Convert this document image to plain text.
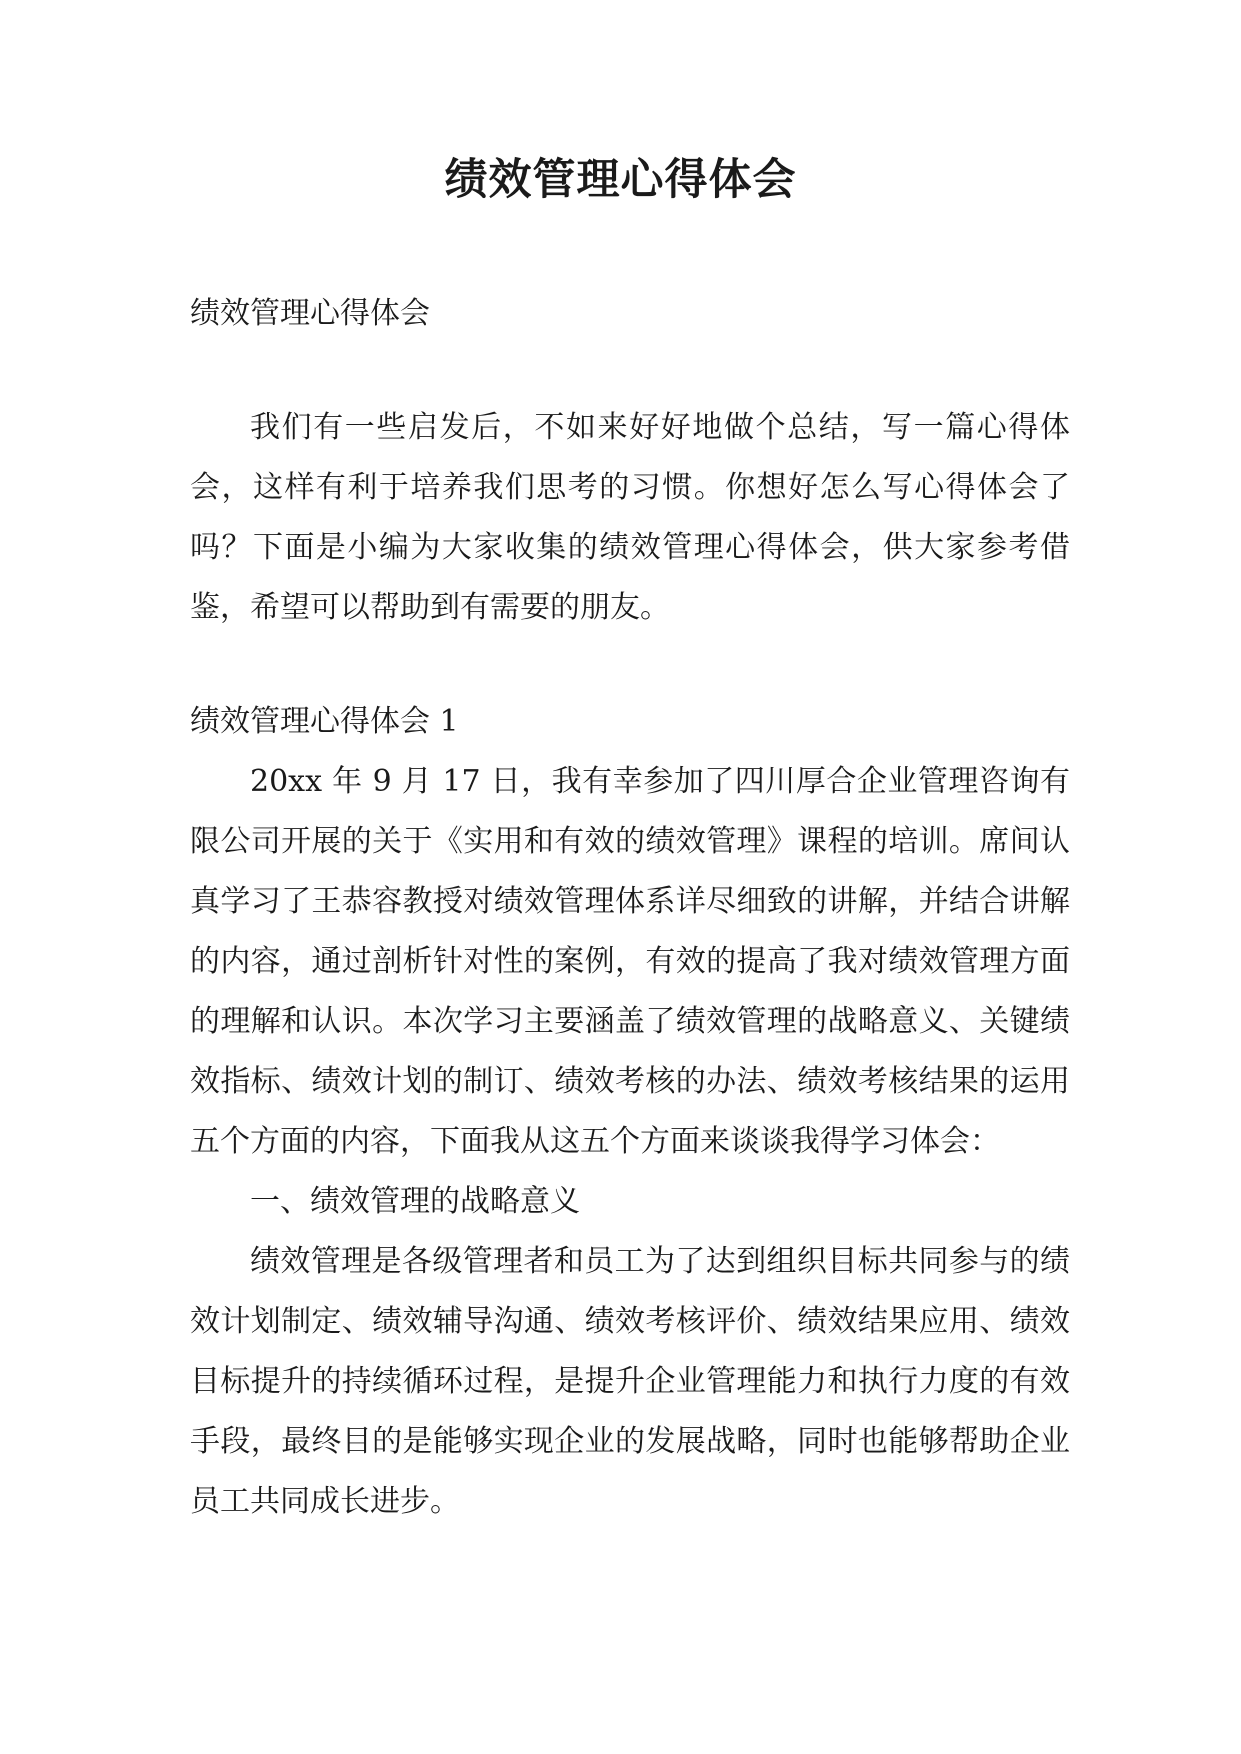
绩效管理心得体会

绩效管理心得体会

我们有一些启发后，不如来好好地做个总结，写一篇心得体会，这样有利于培养我们思考的习惯。你想好怎么写心得体会了吗？下面是小编为大家收集的绩效管理心得体会，供大家参考借鉴，希望可以帮助到有需要的朋友。

绩效管理心得体会 1

20xx 年 9 月 17 日，我有幸参加了四川厚合企业管理咨询有限公司开展的关于《实用和有效的绩效管理》课程的培训。席间认真学习了王恭容教授对绩效管理体系详尽细致的讲解，并结合讲解的内容，通过剖析针对性的案例，有效的提高了我对绩效管理方面的理解和认识。本次学习主要涵盖了绩效管理的战略意义、关键绩效指标、绩效计划的制订、绩效考核的办法、绩效考核结果的运用五个方面的内容，下面我从这五个方面来谈谈我得学习体会：

一、绩效管理的战略意义

绩效管理是各级管理者和员工为了达到组织目标共同参与的绩效计划制定、绩效辅导沟通、绩效考核评价、绩效结果应用、绩效目标提升的持续循环过程，是提升企业管理能力和执行力度的有效手段，最终目的是能够实现企业的发展战略，同时也能够帮助企业员工共同成长进步。
